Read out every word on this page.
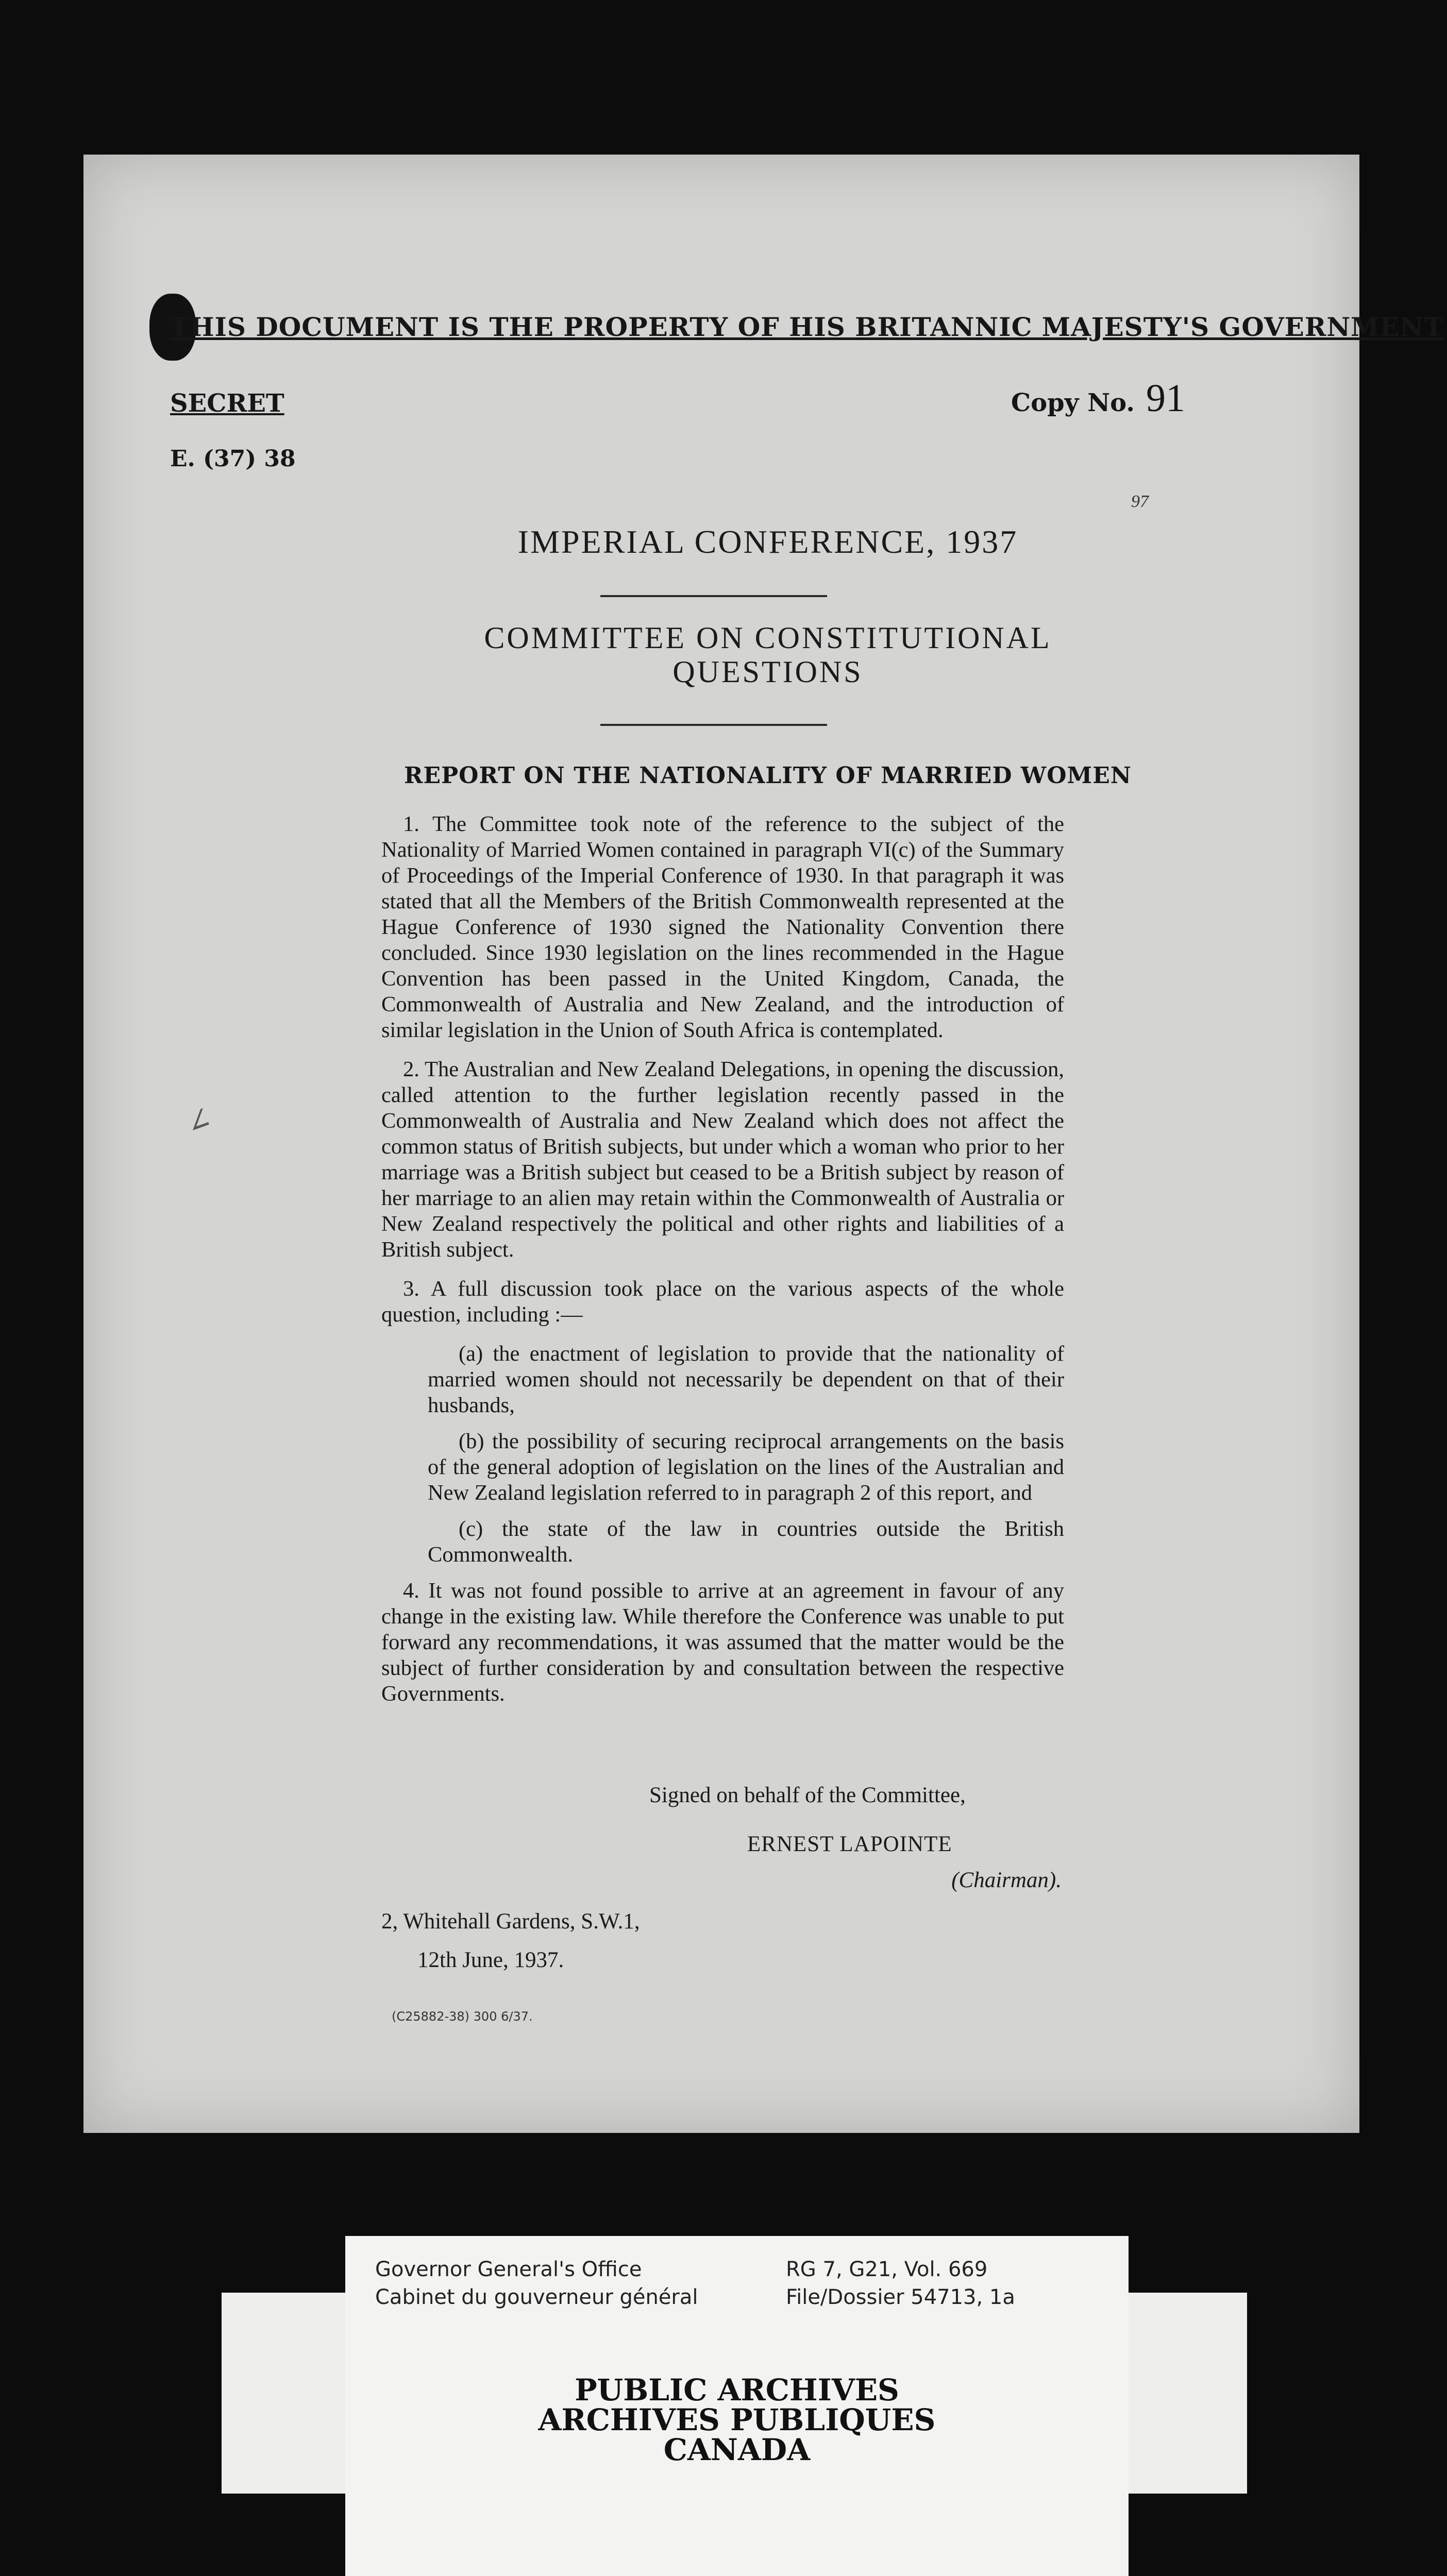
THIS DOCUMENT IS THE PROPERTY OF HIS BRITANNIC MAJESTY'S GOVERNMENT
SECRET	Copy No. 91
E. (37) 38
97
IMPERIAL CONFERENCE, 1937
COMMITTEE ON CONSTITUTIONAL
QUESTIONS
REPORT ON THE NATIONALITY OF MARRIED WOMEN

1. The Committee took note of the reference to the subject of the Nationality of Married Women contained in paragraph VI(c) of the Summary of Proceedings of the Imperial Conference of 1930. In that paragraph it was stated that all the Members of the British Commonwealth represented at the Hague Conference of 1930 signed the Nationality Convention there concluded. Since 1930 legislation on the lines recommended in the Hague Convention has been passed in the United Kingdom, Canada, the Commonwealth of Australia and New Zealand, and the introduction of similar legislation in the Union of South Africa is contemplated.

2. The Australian and New Zealand Delegations, in opening the discussion, called attention to the further legislation recently passed in the Commonwealth of Australia and New Zealand which does not affect the common status of British subjects, but under which a woman who prior to her marriage was a British subject but ceased to be a British subject by reason of her marriage to an alien may retain within the Commonwealth of Australia or New Zealand respectively the political and other rights and liabilities of a British subject.

3. A full discussion took place on the various aspects of the whole question, including :—

(a) the enactment of legislation to provide that the nationality of married women should not necessarily be dependent on that of their husbands,

(b) the possibility of securing reciprocal arrangements on the basis of the general adoption of legislation on the lines of the Australian and New Zealand legislation referred to in paragraph 2 of this report, and

(c) the state of the law in countries outside the British Commonwealth.

4. It was not found possible to arrive at an agreement in favour of any change in the existing law. While therefore the Conference was unable to put forward any recommendations, it was assumed that the matter would be the subject of further consideration by and consultation between the respective Governments.

∠
Signed on behalf of the Committee,
ERNEST LAPOINTE
(Chairman).
2, Whitehall Gardens, S.W.1,
12th June, 1937.
(C25882-38) 300 6/37.
Governor General's Office
Cabinet du gouverneur général
RG 7, G21, Vol. 669
File/Dossier 54713, 1a
PUBLIC ARCHIVES
ARCHIVES PUBLIQUES
CANADA
